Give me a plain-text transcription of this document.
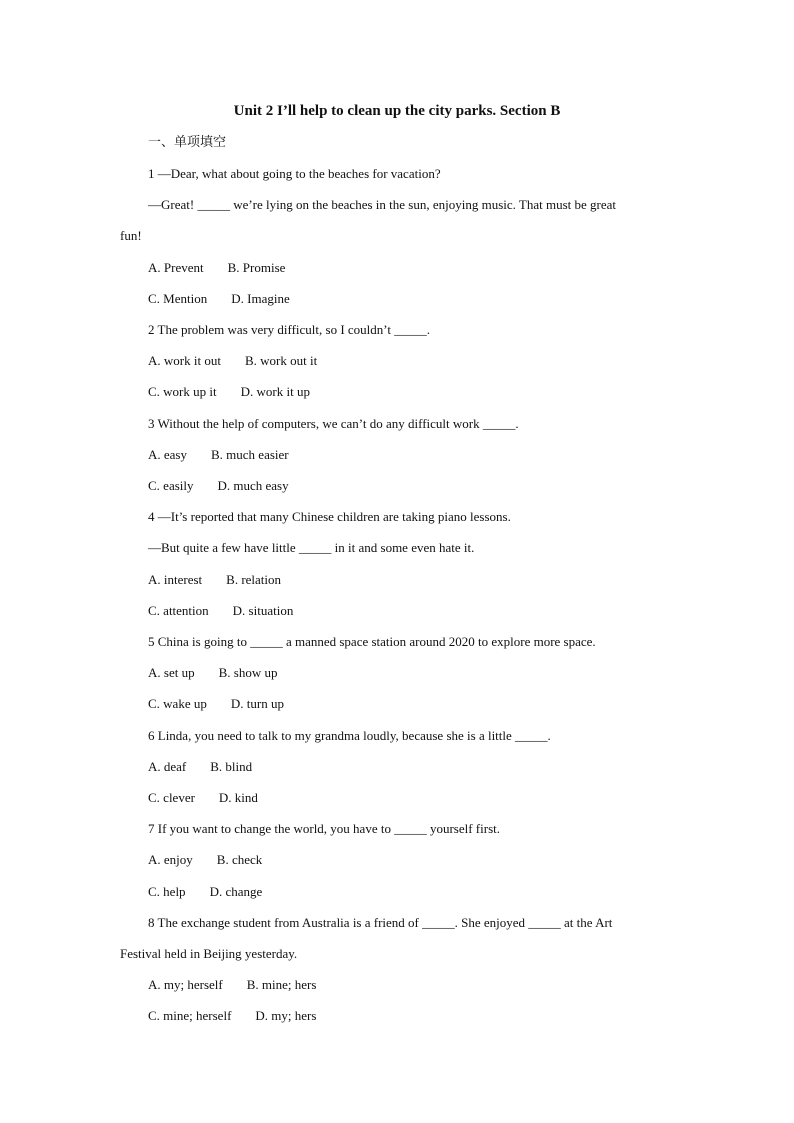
Unit 2 I’ll help to clean up the city parks. Section B
一、单项填空
1 —Dear, what about going to the beaches for vacation?
—Great! _____ we’re lying on the beaches in the sun, enjoying music. That must be great
fun!
A. Prevent B. Promise
C. Mention D. Imagine
2 The problem was very difficult, so I couldn’t _____.
A. work it out B. work out it
C. work up it D. work it up
3 Without the help of computers, we can’t do any difficult work _____.
A. easy B. much easier
C. easily D. much easy
4 —It’s reported that many Chinese children are taking piano lessons.
—But quite a few have little _____ in it and some even hate it.
A. interest B. relation
C. attention D. situation
5 China is going to _____ a manned space station around 2020 to explore more space.
A. set up B. show up
C. wake up D. turn up
6 Linda, you need to talk to my grandma loudly, because she is a little _____.
A. deaf B. blind
C. clever D. kind
7 If you want to change the world, you have to _____ yourself first.
A. enjoy B. check
C. help D. change
8 The exchange student from Australia is a friend of _____. She enjoyed _____ at the Art
Festival held in Beijing yesterday.
A. my; herself B. mine; hers
C. mine; herself D. my; hers
